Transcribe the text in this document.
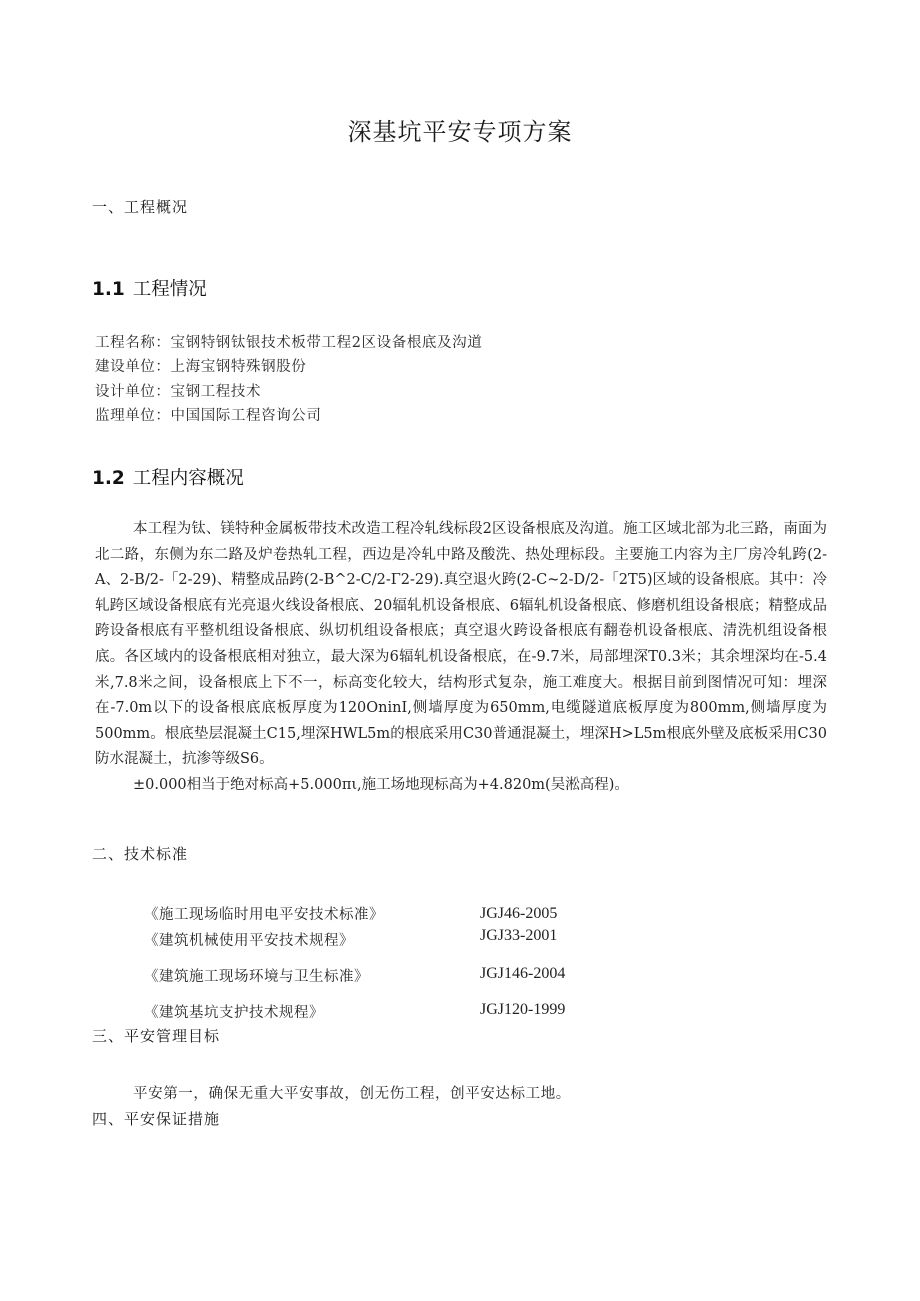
深基坑平安专项方案
一、工程概况
1.1 工程情况
工程名称：宝钢特钢钛银技术板带工程2区设备根底及沟道
建设单位：上海宝钢特殊钢股份
设计单位：宝钢工程技术
监理单位：中国国际工程咨询公司
1.2 工程内容概况

本工程为钛、镁特种金属板带技术改造工程冷轧线标段2区设备根底及沟道。施工区域北部为北三路，南面为北二路，东侧为东二路及炉卷热轧工程，西边是冷轧中路及酸洗、热处理标段。主要施工内容为主厂房冷轧跨(2-A、2-B/2-「2-29)、精整成品跨(2-B^2-C/2-Γ2-29).真空退火跨(2-C~2-D/2-「2T5)区域的设备根底。其中：冷轧跨区域设备根底有光亮退火线设备根底、20辐轧机设备根底、6辐轧机设备根底、修磨机组设备根底；精整成品跨设备根底有平整机组设备根底、纵切机组设备根底；真空退火跨设备根底有翻卷机设备根底、清洗机组设备根底。各区域内的设备根底相对独立，最大深为6辐轧机设备根底，在-9.7米，局部埋深T0.3米；其余埋深均在-5.4米,7.8米之间，设备根底上下不一，标高变化较大，结构形式复杂，施工难度大。根据目前到图情况可知：埋深在-7.0m以下的设备根底底板厚度为120OninI,侧墙厚度为650mm,电缆隧道底板厚度为800mm,侧墙厚度为500mm。根底垫层混凝土C15,埋深HWL5m的根底采用C30普通混凝土，埋深H>L5m根底外壁及底板采用C30防水混凝土，抗渗等级S6。

±0.000相当于绝对标高+5.000πι,施工场地现标高为+4.820m(吴淞高程)。

二、技术标准
《施工现场临时用电平安技术标准》	JGJ46-2005
《建筑机械使用平安技术规程》	JGJ33-2001
《建筑施工现场环境与卫生标准》	JGJ146-2004
《建筑基坑支护技术规程》	JGJ120-1999
三、平安管理目标
平安第一，确保无重大平安事故，创无伤工程，创平安达标工地。
四、平安保证措施
